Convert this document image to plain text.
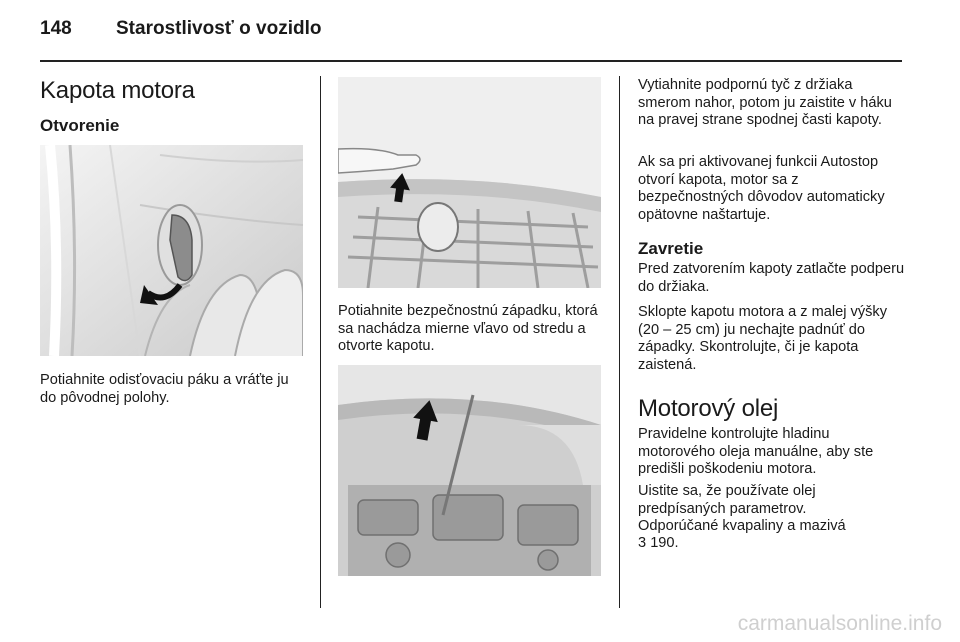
148 Starostlivosť o vozidlo
Kapota motora
Otvorenie

Potiahnite odisťovaciu páku a vráťte ju do pôvodnej polohy.

Potiahnite bezpečnostnú západku, ktorá sa nachádza mierne vľavo od stredu a otvorte kapotu.

Vytiahnite podpornú tyč z držiaka smerom nahor, potom ju zaistite v háku na pravej strane spodnej časti kapoty.

Ak sa pri aktivovanej funkcii Autostop otvorí kapota, motor sa z bezpečnostných dôvodov automaticky opätovne naštartuje.

Zavretie

Pred zatvorením kapoty zatlačte podperu do držiaka.

Sklopte kapotu motora a z malej výšky (20 – 25 cm) ju nechajte padnúť do západky. Skontrolujte, či je kapota zaistená.

Motorový olej

Pravidelne kontrolujte hladinu motorového oleja manuálne, aby ste predišli poškodeniu motora.

Uistite sa, že používate olej predpísaných parametrov.

Odporúčané kvapaliny a mazivá

3 190.

carmanualsonline.info
